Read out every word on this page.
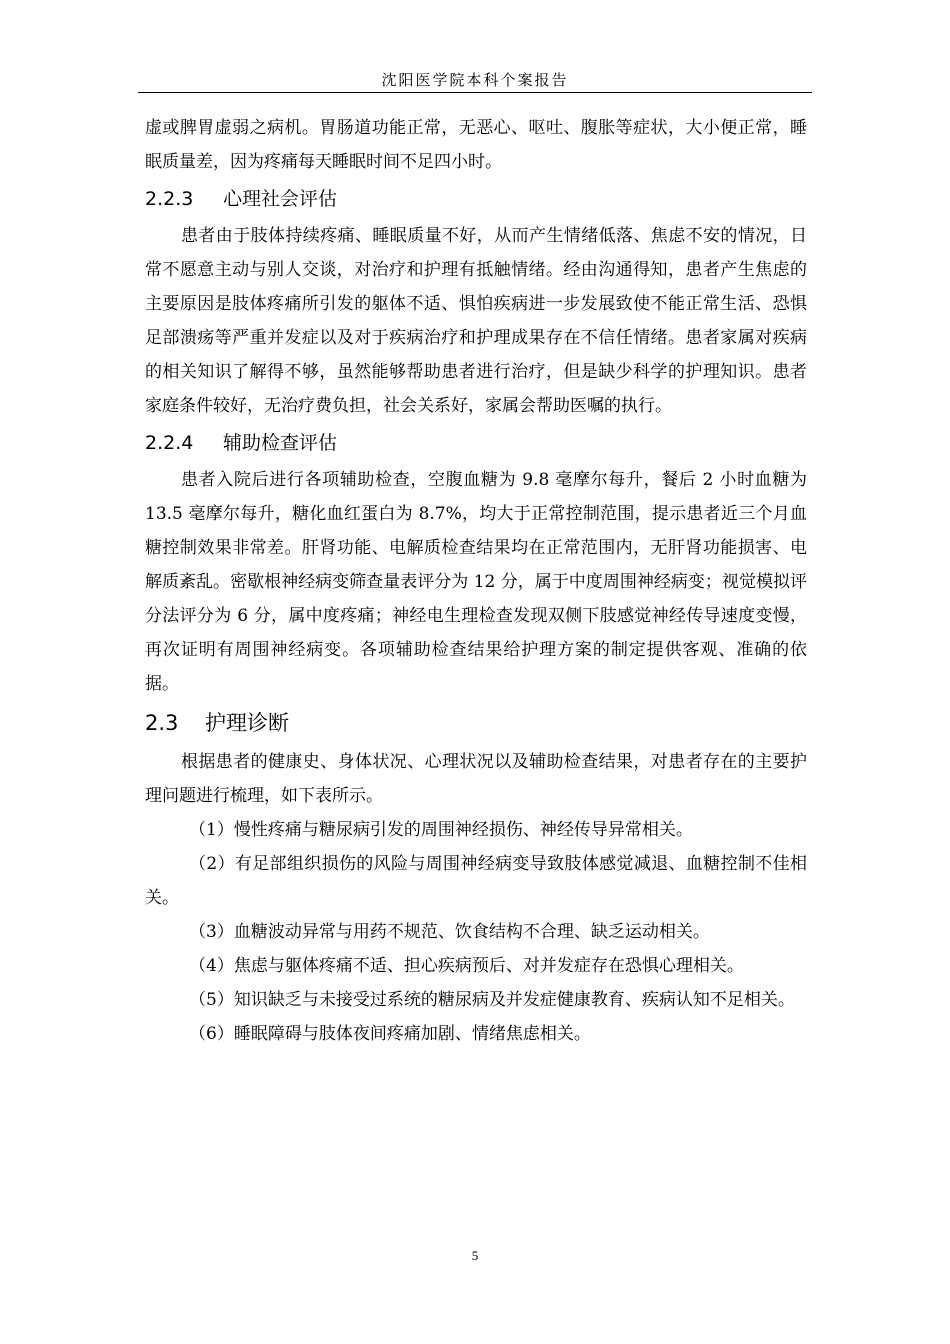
沈阳医学院本科个案报告

虚或脾胃虚弱之病机。胃肠道功能正常，无恶心、呕吐、腹胀等症状，大小便正常，睡眠质量差，因为疼痛每天睡眠时间不足四小时。

2.2.3 心理社会评估

患者由于肢体持续疼痛、睡眠质量不好，从而产生情绪低落、焦虑不安的情况，日常不愿意主动与别人交谈，对治疗和护理有抵触情绪。经由沟通得知，患者产生焦虑的主要原因是肢体疼痛所引发的躯体不适、惧怕疾病进一步发展致使不能正常生活、恐惧足部溃疡等严重并发症以及对于疾病治疗和护理成果存在不信任情绪。患者家属对疾病的相关知识了解得不够，虽然能够帮助患者进行治疗，但是缺少科学的护理知识。患者家庭条件较好，无治疗费负担，社会关系好，家属会帮助医嘱的执行。

2.2.4 辅助检查评估

患者入院后进行各项辅助检查，空腹血糖为 9.8 毫摩尔每升，餐后 2 小时血糖为 13.5 毫摩尔每升，糖化血红蛋白为 8.7%，均大于正常控制范围，提示患者近三个月血糖控制效果非常差。肝肾功能、电解质检查结果均在正常范围内，无肝肾功能损害、电解质紊乱。密歇根神经病变筛查量表评分为 12 分，属于中度周围神经病变；视觉模拟评分法评分为 6 分，属中度疼痛；神经电生理检查发现双侧下肢感觉神经传导速度变慢，再次证明有周围神经病变。各项辅助检查结果给护理方案的制定提供客观、准确的依据。

2.3 护理诊断

根据患者的健康史、身体状况、心理状况以及辅助检查结果，对患者存在的主要护理问题进行梳理，如下表所示。

（1）慢性疼痛与糖尿病引发的周围神经损伤、神经传导异常相关。

（2）有足部组织损伤的风险与周围神经病变导致肢体感觉减退、血糖控制不佳相关。

（3）血糖波动异常与用药不规范、饮食结构不合理、缺乏运动相关。

（4）焦虑与躯体疼痛不适、担心疾病预后、对并发症存在恐惧心理相关。

（5）知识缺乏与未接受过系统的糖尿病及并发症健康教育、疾病认知不足相关。

（6）睡眠障碍与肢体夜间疼痛加剧、情绪焦虑相关。

5
